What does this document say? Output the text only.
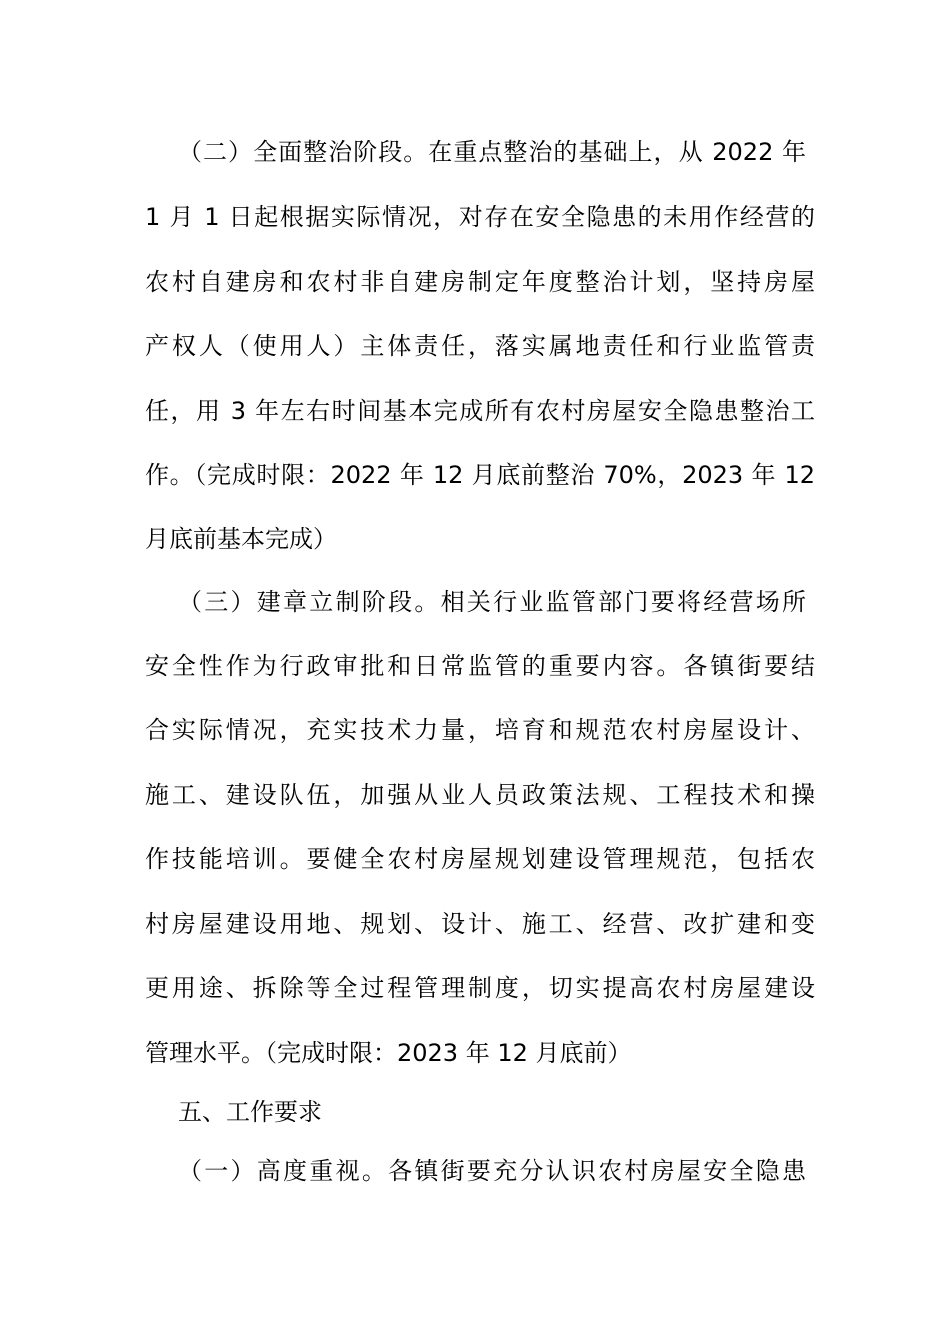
（二）全面整治阶段。在重点整治的基础上，从 2022 年
1 月 1 日起根据实际情况，对存在安全隐患的未用作经营的
农村自建房和农村非自建房制定年度整治计划，坚持房屋
产权人（使用人）主体责任，落实属地责任和行业监管责
任，用 3 年左右时间基本完成所有农村房屋安全隐患整治工
作。（完成时限：2022 年 12 月底前整治 70%，2023 年 12
月底前基本完成）
（三）建章立制阶段。相关行业监管部门要将经营场所
安全性作为行政审批和日常监管的重要内容。各镇街要结
合实际情况，充实技术力量，培育和规范农村房屋设计、
施工、建设队伍，加强从业人员政策法规、工程技术和操
作技能培训。要健全农村房屋规划建设管理规范，包括农
村房屋建设用地、规划、设计、施工、经营、改扩建和变
更用途、拆除等全过程管理制度，切实提高农村房屋建设
管理水平。（完成时限：2023 年 12 月底前）
五、工作要求
（一）高度重视。各镇街要充分认识农村房屋安全隐患
